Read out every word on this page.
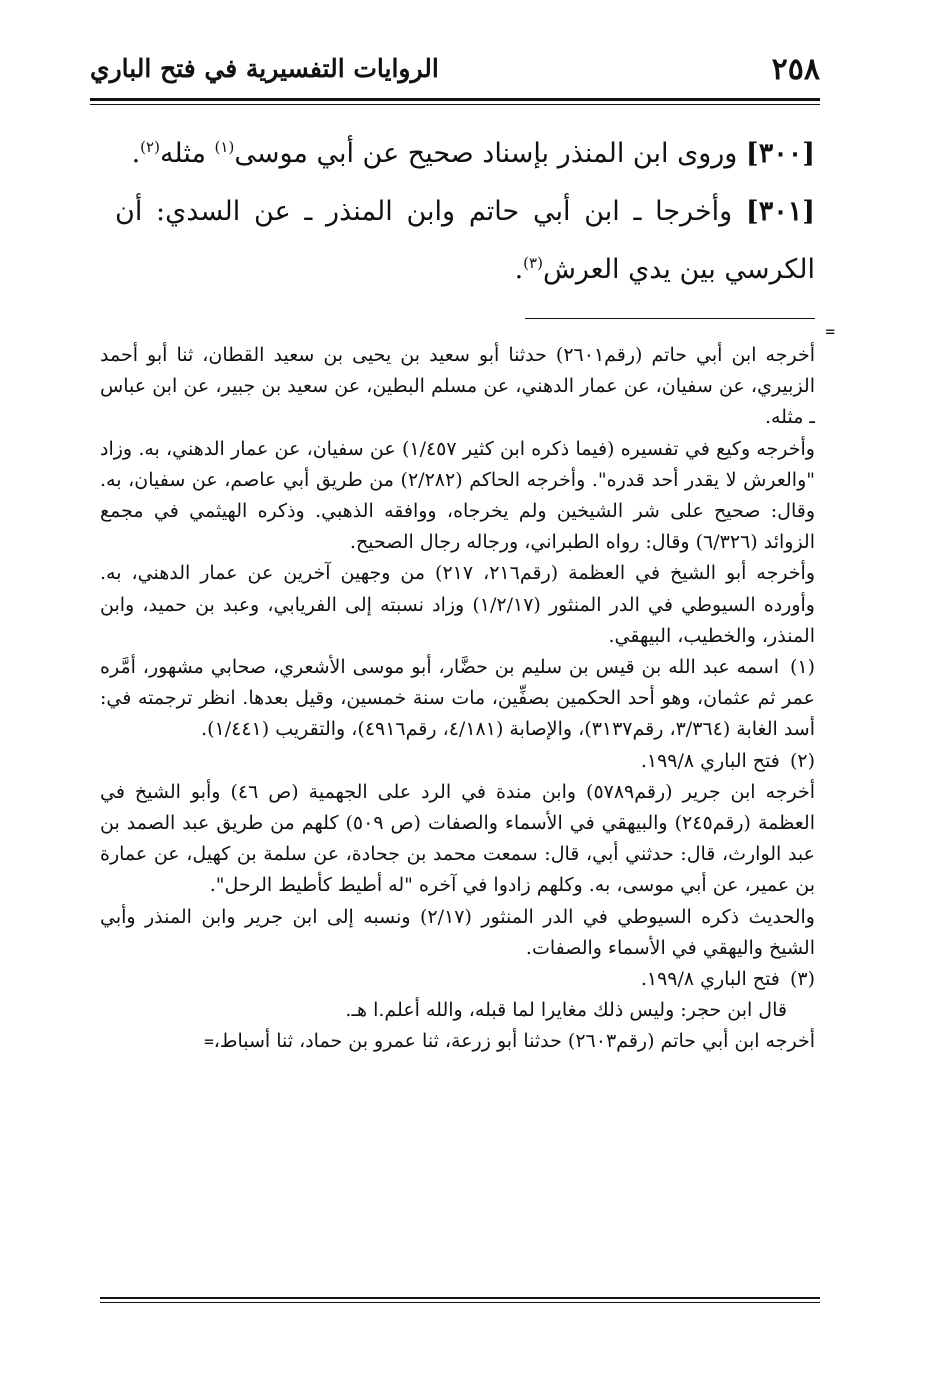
٢٥٨
الروايات التفسيرية في فتح الباري

[٣٠٠] وروى ابن المنذر بإسناد صحيح عن أبي موسى$^{(١)}$ مثله$^{(٢)}$.

[٣٠١] وأخرجا ـ ابن أبي حاتم وابن المنذر ـ عن السدي: أن الكرسي بين يدي العرش$^{(٣)}$.

=

أخرجه ابن أبي حاتم (رقم٢٦٠١) حدثنا أبو سعيد بن يحيى بن سعيد القطان، ثنا أبو أحمد الزبيري، عن سفيان، عن عمار الدهني، عن مسلم البطين، عن سعيد بن جبير، عن ابن عباس ـ مثله.

وأخرجه وكيع في تفسيره (فيما ذكره ابن كثير ١/٤٥٧) عن سفيان، عن عمار الدهني، به. وزاد "والعرش لا يقدر أحد قدره". وأخرجه الحاكم (٢/٢٨٢) من طريق أبي عاصم، عن سفيان، به. وقال: صحيح على شر الشيخين ولم يخرجاه، ووافقه الذهبي. وذكره الهيثمي في مجمع الزوائد (٦/٣٢٦) وقال: رواه الطبراني، ورجاله رجال الصحيح.

وأخرجه أبو الشيخ في العظمة (رقم٢١٦، ٢١٧) من وجهين آخرين عن عمار الدهني، به. وأورده السيوطي في الدر المنثور (١/٢/١٧) وزاد نسبته إلى الفريابي، وعبد بن حميد، وابن المنذر، والخطيب، البيهقي.

(١) اسمه عبد الله بن قيس بن سليم بن حضَّار، أبو موسى الأشعري، صحابي مشهور، أمَّره عمر ثم عثمان، وهو أحد الحكمين بصفِّين، مات سنة خمسين، وقيل بعدها. انظر ترجمته في: أسد الغابة (٣/٣٦٤، رقم٣١٣٧)، والإصابة (٤/١٨١، رقم٤٩١٦)، والتقريب (١/٤٤١).

(٢) فتح الباري ١٩٩/٨.

أخرجه ابن جرير (رقم٥٧٨٩) وابن مندة في الرد على الجهمية (ص ٤٦) وأبو الشيخ في العظمة (رقم٢٤٥) والبيهقي في الأسماء والصفات (ص ٥٠٩) كلهم من طريق عبد الصمد بن عبد الوارث، قال: حدثني أبي، قال: سمعت محمد بن جحادة، عن سلمة بن كهيل، عن عمارة بن عمير، عن أبي موسى، به. وكلهم زادوا في آخره "له أطيط كأطيط الرحل".

والحديث ذكره السيوطي في الدر المنثور (٢/١٧) ونسبه إلى ابن جرير وابن المنذر وأبي الشيخ واليهقي في الأسماء والصفات.

(٣) فتح الباري ١٩٩/٨.

قال ابن حجر: وليس ذلك مغايرا لما قبله، والله أعلم.ا هـ.

أخرجه ابن أبي حاتم (رقم٢٦٠٣) حدثنا أبو زرعة، ثنا عمرو بن حماد، ثنا أسباط،=
